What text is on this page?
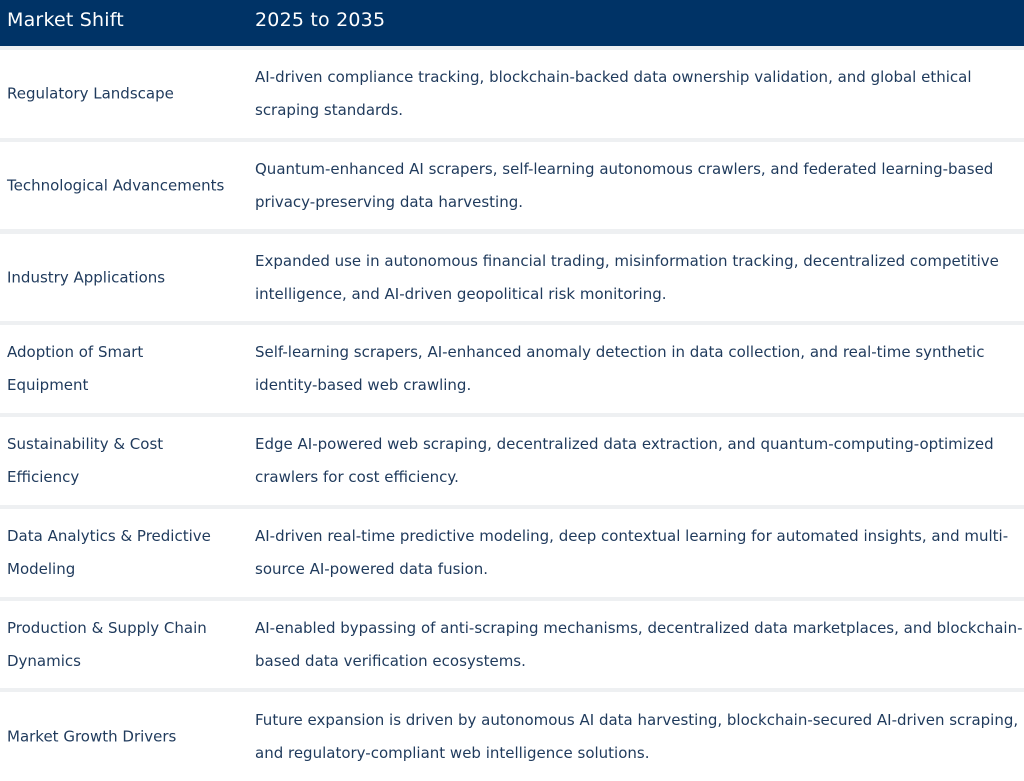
Market Shift	2025 to 2035
Regulatory Landscape
AI-driven compliance tracking, blockchain-backed data ownership validation, and global ethical
scraping standards.
Technological Advancements
Quantum-enhanced AI scrapers, self-learning autonomous crawlers, and federated learning-based
privacy-preserving data harvesting.
Industry Applications
Expanded use in autonomous financial trading, misinformation tracking, decentralized competitive
intelligence, and AI-driven geopolitical risk monitoring.
Adoption of Smart
Equipment
Self-learning scrapers, AI-enhanced anomaly detection in data collection, and real-time synthetic
identity-based web crawling.
Sustainability & Cost
Efficiency
Edge AI-powered web scraping, decentralized data extraction, and quantum-computing-optimized
crawlers for cost efficiency.
Data Analytics & Predictive
Modeling
AI-driven real-time predictive modeling, deep contextual learning for automated insights, and multi-
source AI-powered data fusion.
Production & Supply Chain
Dynamics
AI-enabled bypassing of anti-scraping mechanisms, decentralized data marketplaces, and blockchain-
based data verification ecosystems.
Market Growth Drivers
Future expansion is driven by autonomous AI data harvesting, blockchain-secured AI-driven scraping,
and regulatory-compliant web intelligence solutions.
